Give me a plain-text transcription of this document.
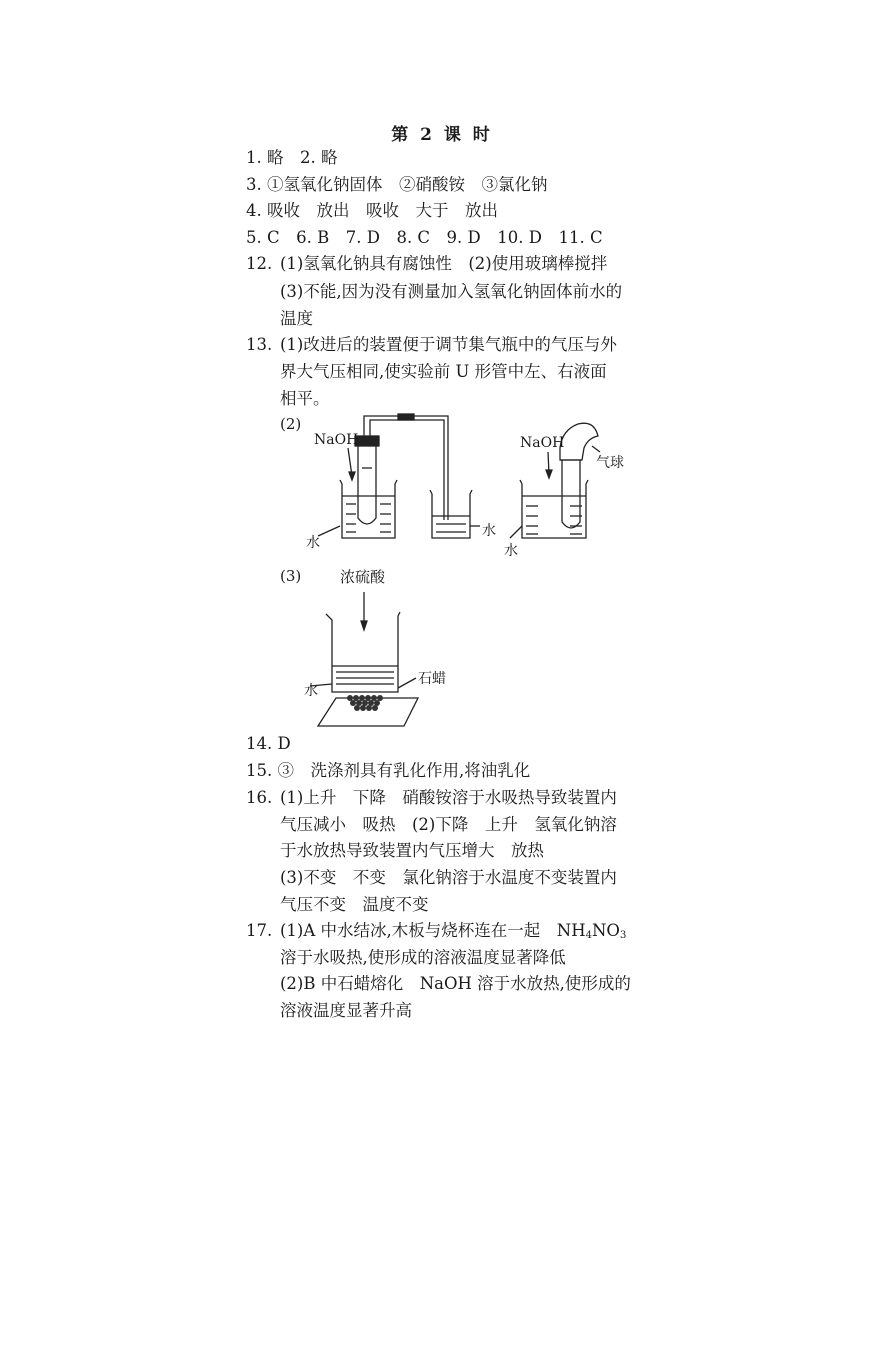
第 2 课 时
1. 略　2. 略
3. ①氢氧化钠固体　②硝酸铵　③氯化钠
4. 吸收　放出　吸收　大于　放出
5. C　6. B　7. D　8. C　9. D　10. D　11. C
12. (1)氢氧化钠具有腐蚀性　(2)使用玻璃棒搅拌
(3)不能,因为没有测量加入氢氧化钠固体前水的
温度
13. (1)改进后的装置便于调节集气瓶中的气压与外
界大气压相同,使实验前 U 形管中左、右液面
相平。
(2)
NaOH
水
水
NaOH
气球
水
(3)	浓硫酸
水
石蜡
14. D
15. ③　洗涤剂具有乳化作用,将油乳化
16. (1)上升　下降　硝酸铵溶于水吸热导致装置内
气压减小　吸热　(2)下降　上升　氢氧化钠溶
于水放热导致装置内气压增大　放热
(3)不变　不变　氯化钠溶于水温度不变装置内
气压不变　温度不变
17. (1)A 中水结冰,木板与烧杯连在一起　$NH_4NO_3$
溶于水吸热,使形成的溶液温度显著降低
(2)B 中石蜡熔化　NaOH 溶于水放热,使形成的
溶液温度显著升高
